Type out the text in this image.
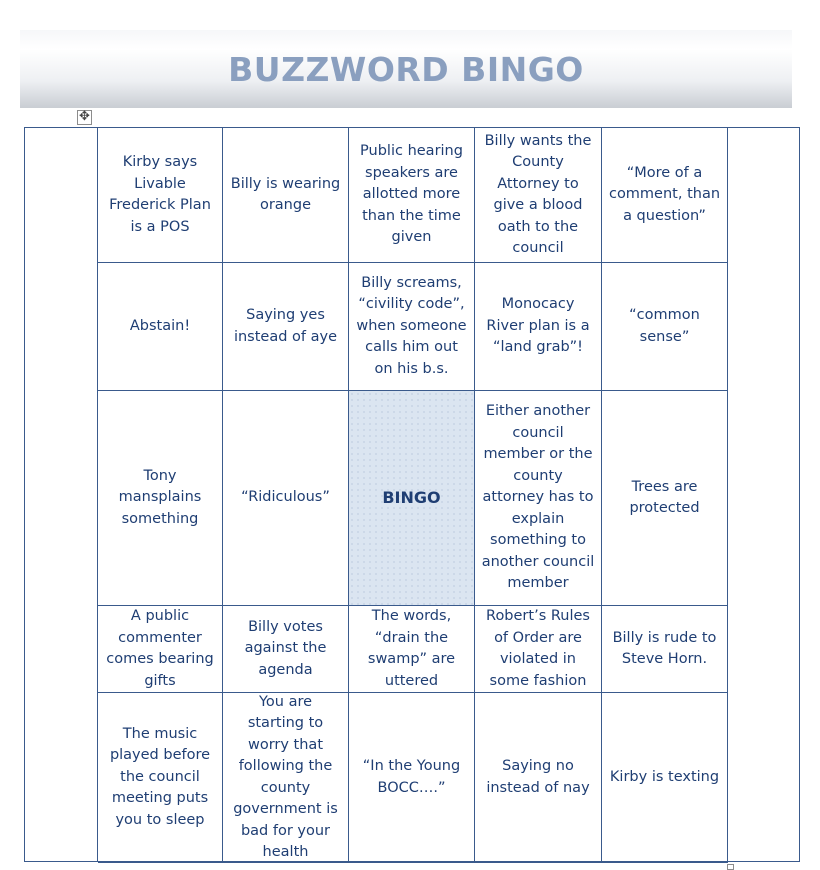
BUZZWORD BINGO
✥
Kirby says Livable Frederick Plan is a POS
Billy is wearing orange
Public hearing speakers are allotted more than the time given
Billy wants the County Attorney to give a blood oath to the council
“More of a comment, than a question”
Abstain!
Saying yes instead of aye
Billy screams, “civility code”, when someone calls him out on his b.s.
Monocacy River plan is a “land grab”!
“common sense”
Tony mansplains something
“Ridiculous”	BINGO
Either another council member or the county attorney has to explain something to another council member
Trees are protected
A public commenter comes bearing gifts
Billy votes against the agenda
The words, “drain the swamp” are uttered
Robert’s Rules of Order are violated in some fashion
Billy is rude to Steve Horn.
The music played before the council meeting puts you to sleep
You are starting to worry that following the county government is bad for your health
“In the Young BOCC….”
Saying no instead of nay
Kirby is texting
